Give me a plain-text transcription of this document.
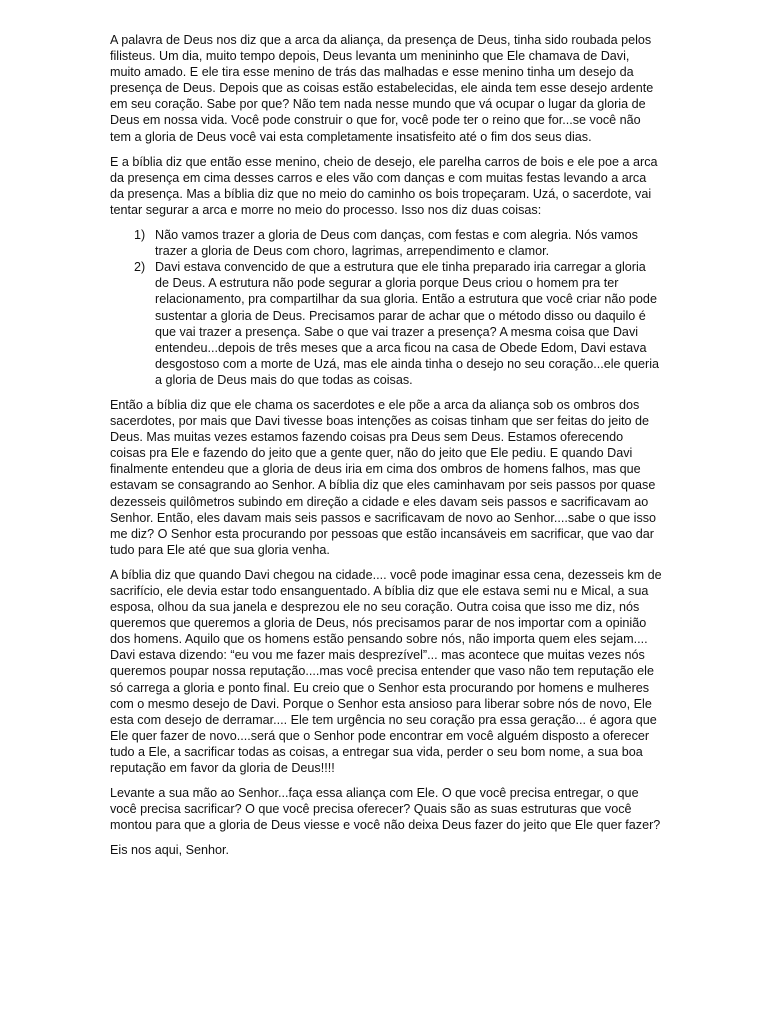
A palavra de Deus nos diz que a arca da aliança, da presença de Deus, tinha sido roubada pelos filisteus. Um dia, muito tempo depois, Deus levanta um menininho que Ele chamava de Davi, muito amado. E ele tira esse menino de trás das malhadas e esse menino tinha um desejo da presença de Deus. Depois que as coisas estão estabelecidas, ele ainda tem esse desejo ardente em seu coração. Sabe por que? Não tem nada nesse mundo que vá ocupar o lugar da gloria de Deus em nossa vida. Você pode construir o que for, você pode ter o reino que for...se você não tem a gloria de Deus você vai esta completamente insatisfeito até o fim dos seus dias.

E a bíblia diz que então esse menino, cheio de desejo, ele parelha carros de bois e ele poe a arca da presença em cima desses carros e eles vão com danças e com muitas festas levando a arca da presença. Mas a bíblia diz que no meio do caminho os bois tropeçaram. Uzá, o sacerdote, vai tentar segurar a arca e morre no meio do processo. Isso nos diz duas coisas:

1) Não vamos trazer a gloria de Deus com danças, com festas e com alegria. Nós vamos trazer a gloria de Deus com choro, lagrimas, arrependimento e clamor.
2) Davi estava convencido de que a estrutura que ele tinha preparado iria carregar a gloria de Deus. A estrutura não pode segurar a gloria porque Deus criou o homem pra ter relacionamento, pra compartilhar da sua gloria. Então a estrutura que você criar não pode sustentar a gloria de Deus. Precisamos parar de achar que o método disso ou daquilo é que vai trazer a presença. Sabe o que vai trazer a presença? A mesma coisa que Davi entendeu...depois de três meses que a arca ficou na casa de Obede Edom, Davi estava desgostoso com a morte de Uzá, mas ele ainda tinha o desejo no seu coração...ele queria a gloria de Deus mais do que todas as coisas.

Então a bíblia diz que ele chama os sacerdotes e ele põe a arca da aliança sob os ombros dos sacerdotes, por mais que Davi tivesse boas intenções as coisas tinham que ser feitas do jeito de Deus. Mas muitas vezes estamos fazendo coisas pra Deus sem Deus. Estamos oferecendo coisas pra Ele e fazendo do jeito que a gente quer, não do jeito que Ele pediu. E quando Davi finalmente entendeu que a gloria de deus iria em cima dos ombros de homens falhos, mas que estavam se consagrando ao Senhor. A bíblia diz que eles caminhavam por seis passos por quase dezesseis quilômetros subindo em direção a cidade e eles davam seis passos e sacrificavam ao Senhor. Então, eles davam mais seis passos e sacrificavam de novo ao Senhor....sabe o que isso me diz? O Senhor esta procurando por pessoas que estão incansáveis em sacrificar, que vao dar tudo para Ele até que sua gloria venha.

A bíblia diz que quando Davi chegou na cidade.... você pode imaginar essa cena, dezesseis km de sacrifício, ele devia estar todo ensanguentado. A bíblia diz que ele estava semi nu e Mical, a sua esposa, olhou da sua janela e desprezou ele no seu coração. Outra coisa que isso me diz, nós queremos que queremos a gloria de Deus, nós precisamos parar de nos importar com a opinião dos homens. Aquilo que os homens estão pensando sobre nós, não importa quem eles sejam.... Davi estava dizendo: “eu vou me fazer mais desprezível”... mas acontece que muitas vezes nós queremos poupar nossa reputação....mas você precisa entender que vaso não tem reputação ele só carrega a gloria e ponto final. Eu creio que o Senhor esta procurando por homens e mulheres com o mesmo desejo de Davi. Porque o Senhor esta ansioso para liberar sobre nós de novo, Ele esta com desejo de derramar.... Ele tem urgência no seu coração pra essa geração... é agora que Ele quer fazer de novo....será que o Senhor pode encontrar em você alguém disposto a oferecer tudo a Ele, a sacrificar todas as coisas, a entregar sua vida, perder o seu bom nome, a sua boa reputação em favor da gloria de Deus!!!!

Levante a sua mão ao Senhor...faça essa aliança com Ele. O que você precisa entregar, o que você precisa sacrificar? O que você precisa oferecer? Quais são as suas estruturas que você montou para que a gloria de Deus viesse e você não deixa Deus fazer do jeito que Ele quer fazer?

Eis nos aqui, Senhor.
